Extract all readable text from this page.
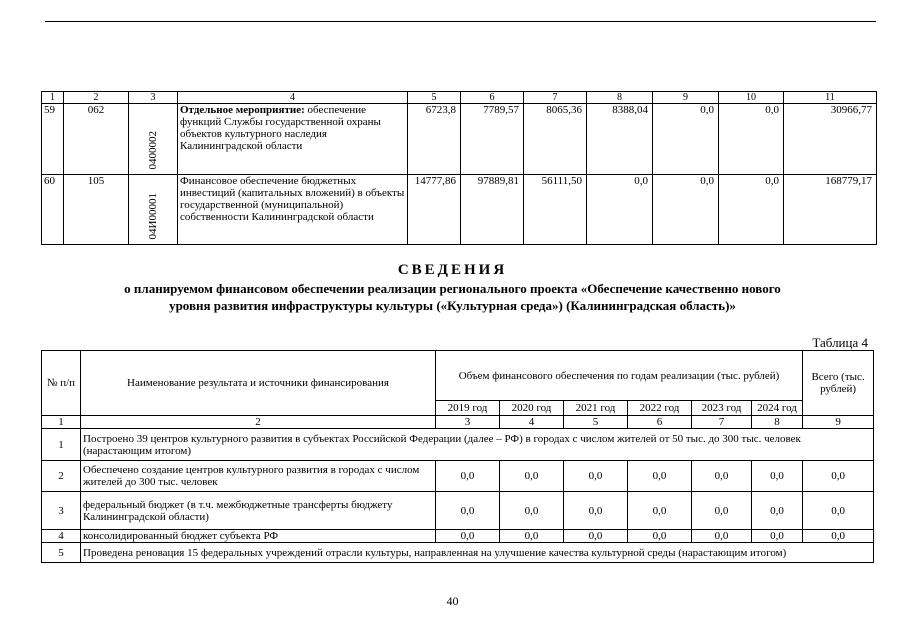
1	2	3	4	5	6	7	8	9	10	11
59	062	0400002	Отдельное мероприятие: обеспечение функций Службы государственной охраны объектов культурного наследия Калининградской области	6723,8	7789,57	8065,36	8388,04	0,0	0,0	30966,77
60	105	04И00001	Финансовое обеспечение бюджетных инвестиций (капитальных вложений) в объекты государственной (муниципальной) собственности Калининградской области	14777,86	97889,81	56111,50	0,0	0,0	0,0	168779,17
СВЕДЕНИЯ
о планируемом финансовом обеспечении реализации регионального проекта «Обеспечение качественно нового
уровня развития инфраструктуры культуры («Культурная среда») (Калининградская область)»
Таблица 4
№ п/п	Наименование результата и источники финансирования	Объем финансового обеспечения по годам реализации (тыс. рублей)						Всего (тыс. рублей)
		2019 год	2020 год	2021 год	2022 год	2023 год	2024 год	
1	2	3	4	5	6	7	8	9
1	Построено 39 центров культурного развития в субъектах Российской Федерации (далее – РФ) в городах с числом жителей от 50 тыс. до 300 тыс. человек (нарастающим итогом)							
2	Обеспечено создание центров культурного развития в городах с числом жителей до 300 тыс. человек	0,0	0,0	0,0	0,0	0,0	0,0	0,0
3	федеральный бюджет (в т.ч. межбюджетные трансферты бюджету Калининградской области)	0,0	0,0	0,0	0,0	0,0	0,0	0,0
4	консолидированный бюджет субъекта РФ	0,0	0,0	0,0	0,0	0,0	0,0	0,0
5	Проведена реновация 15 федеральных учреждений отрасли культуры, направленная на улучшение качества культурной среды (нарастающим итогом)							
40
